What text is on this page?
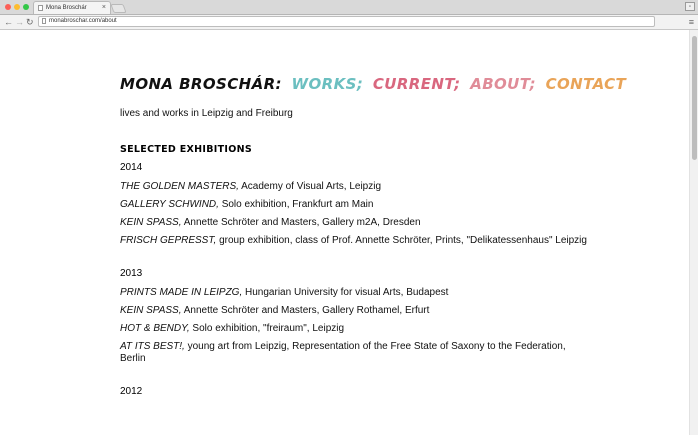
Mona Broschár ×	▫
← → ↻	monabroschar.com/about	≡
MONA BROSCHÁR: WORKS; CURRENT; ABOUT; CONTACT
lives and works in Leipzig and Freiburg
SELECTED EXHIBITIONS
2014
THE GOLDEN MASTERS, Academy of Visual Arts, Leipzig
GALLERY SCHWIND, Solo exhibition, Frankfurt am Main
KEIN SPASS, Annette Schröter and Masters, Gallery m2A, Dresden
FRISCH GEPRESST, group exhibition, class of Prof. Annette Schröter, Prints, "Delikatessenhaus" Leipzig
2013
PRINTS MADE IN LEIPZG, Hungarian University for visual Arts, Budapest
KEIN SPASS, Annette Schröter and Masters, Gallery Rothamel, Erfurt
HOT & BENDY, Solo exhibition, "freiraum", Leipzig
AT ITS BEST!, young art from Leipzig, Representation of the Free State of Saxony to the Federation, Berlin
2012
